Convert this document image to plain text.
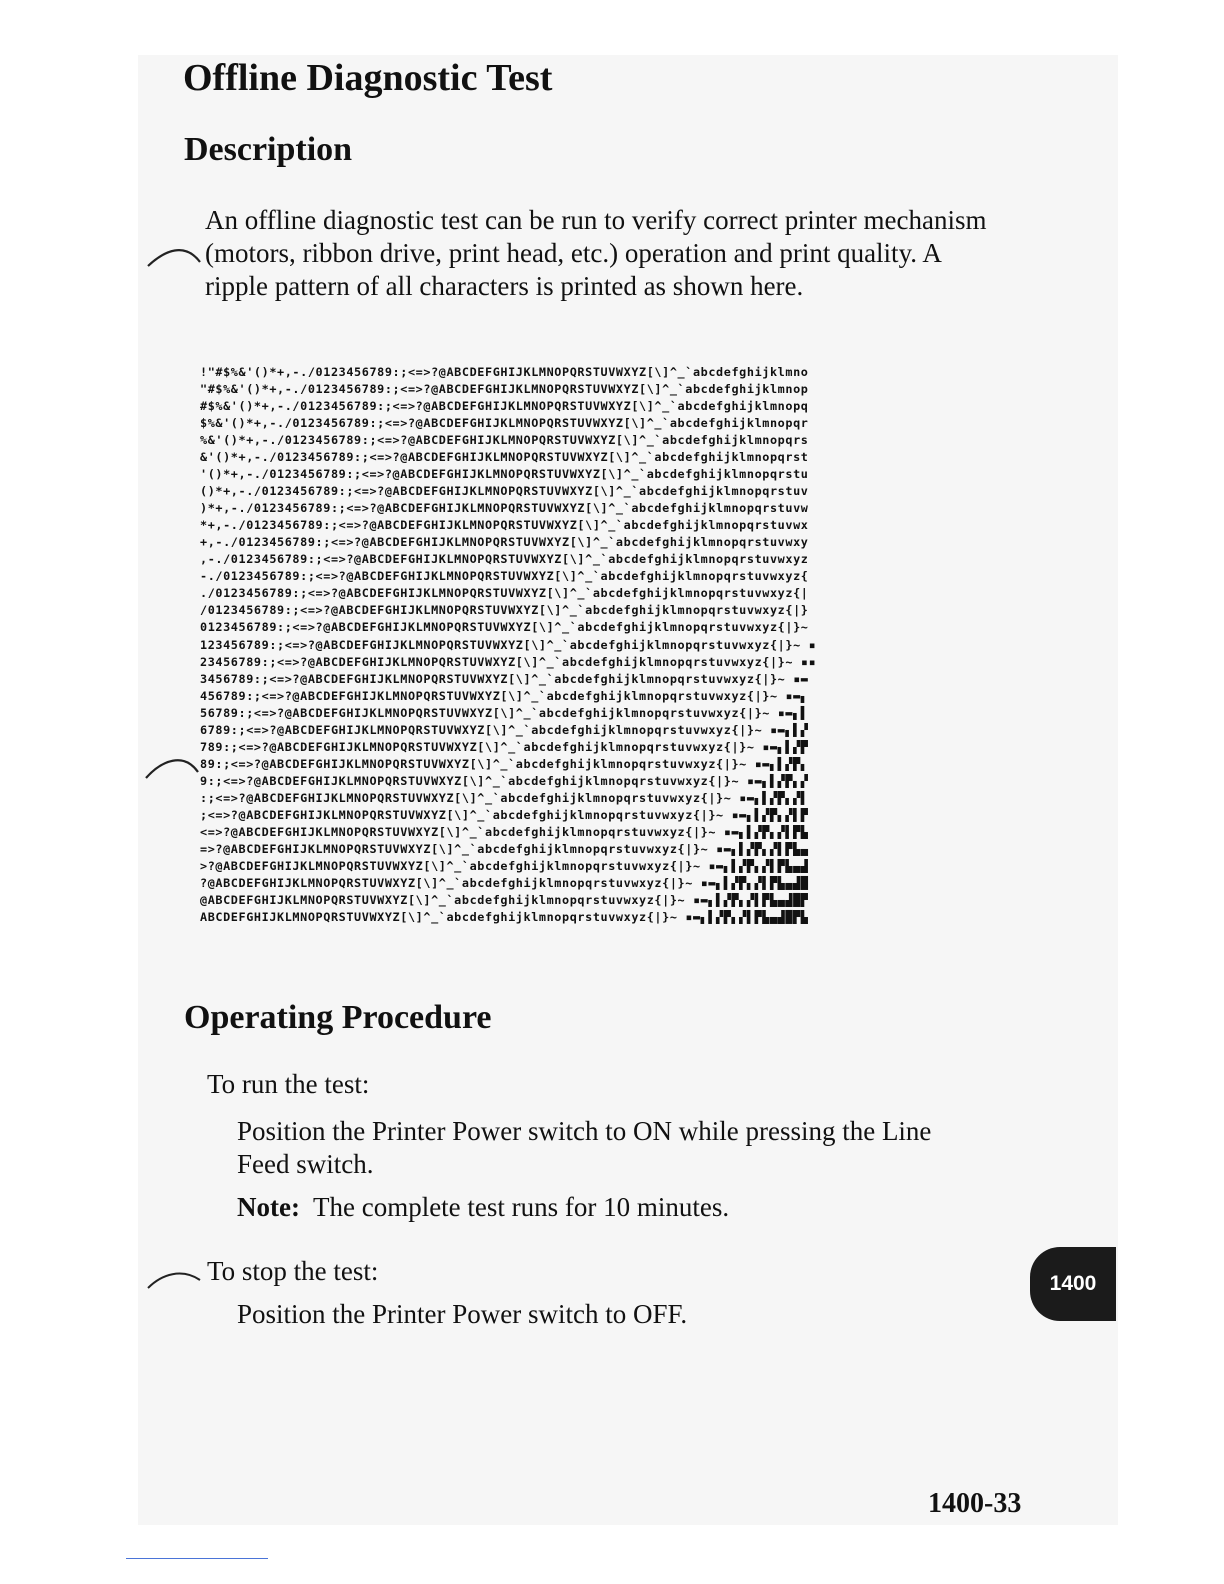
Offline Diagnostic Test
Description

An offline diagnostic test can be run to verify correct printer mechanism (motors, ribbon drive, print head, etc.) operation and print quality. A ripple pattern of all characters is printed as shown here.

!"#$%&'()*+,-./0123456789:;<=>?@ABCDEFGHIJKLMNOPQRSTUVWXYZ[\]^_`abcdefghijklmno
"#$%&'()*+,-./0123456789:;<=>?@ABCDEFGHIJKLMNOPQRSTUVWXYZ[\]^_`abcdefghijklmnop
#$%&'()*+,-./0123456789:;<=>?@ABCDEFGHIJKLMNOPQRSTUVWXYZ[\]^_`abcdefghijklmnopq
$%&'()*+,-./0123456789:;<=>?@ABCDEFGHIJKLMNOPQRSTUVWXYZ[\]^_`abcdefghijklmnopqr
%&'()*+,-./0123456789:;<=>?@ABCDEFGHIJKLMNOPQRSTUVWXYZ[\]^_`abcdefghijklmnopqrs
&'()*+,-./0123456789:;<=>?@ABCDEFGHIJKLMNOPQRSTUVWXYZ[\]^_`abcdefghijklmnopqrst
'()*+,-./0123456789:;<=>?@ABCDEFGHIJKLMNOPQRSTUVWXYZ[\]^_`abcdefghijklmnopqrstu
()*+,-./0123456789:;<=>?@ABCDEFGHIJKLMNOPQRSTUVWXYZ[\]^_`abcdefghijklmnopqrstuv
)*+,-./0123456789:;<=>?@ABCDEFGHIJKLMNOPQRSTUVWXYZ[\]^_`abcdefghijklmnopqrstuvw
*+,-./0123456789:;<=>?@ABCDEFGHIJKLMNOPQRSTUVWXYZ[\]^_`abcdefghijklmnopqrstuvwx
+,-./0123456789:;<=>?@ABCDEFGHIJKLMNOPQRSTUVWXYZ[\]^_`abcdefghijklmnopqrstuvwxy
,-./0123456789:;<=>?@ABCDEFGHIJKLMNOPQRSTUVWXYZ[\]^_`abcdefghijklmnopqrstuvwxyz
-./0123456789:;<=>?@ABCDEFGHIJKLMNOPQRSTUVWXYZ[\]^_`abcdefghijklmnopqrstuvwxyz{
./0123456789:;<=>?@ABCDEFGHIJKLMNOPQRSTUVWXYZ[\]^_`abcdefghijklmnopqrstuvwxyz{|
/0123456789:;<=>?@ABCDEFGHIJKLMNOPQRSTUVWXYZ[\]^_`abcdefghijklmnopqrstuvwxyz{|}
0123456789:;<=>?@ABCDEFGHIJKLMNOPQRSTUVWXYZ[\]^_`abcdefghijklmnopqrstuvwxyz{|}~
123456789:;<=>?@ABCDEFGHIJKLMNOPQRSTUVWXYZ[\]^_`abcdefghijklmnopqrstuvwxyz{|}~ ▪
23456789:;<=>?@ABCDEFGHIJKLMNOPQRSTUVWXYZ[\]^_`abcdefghijklmnopqrstuvwxyz{|}~ ▪▪
3456789:;<=>?@ABCDEFGHIJKLMNOPQRSTUVWXYZ[\]^_`abcdefghijklmnopqrstuvwxyz{|}~ ▪▬
456789:;<=>?@ABCDEFGHIJKLMNOPQRSTUVWXYZ[\]^_`abcdefghijklmnopqrstuvwxyz{|}~ ▪▬▖
56789:;<=>?@ABCDEFGHIJKLMNOPQRSTUVWXYZ[\]^_`abcdefghijklmnopqrstuvwxyz{|}~ ▪▬▖▌
6789:;<=>?@ABCDEFGHIJKLMNOPQRSTUVWXYZ[\]^_`abcdefghijklmnopqrstuvwxyz{|}~ ▪▬▖▌▞
789:;<=>?@ABCDEFGHIJKLMNOPQRSTUVWXYZ[\]^_`abcdefghijklmnopqrstuvwxyz{|}~ ▪▬▖▌▞▛
89:;<=>?@ABCDEFGHIJKLMNOPQRSTUVWXYZ[\]^_`abcdefghijklmnopqrstuvwxyz{|}~ ▪▬▖▌▞▛▖
9:;<=>?@ABCDEFGHIJKLMNOPQRSTUVWXYZ[\]^_`abcdefghijklmnopqrstuvwxyz{|}~ ▪▬▖▌▞▛▖▞
:;<=>?@ABCDEFGHIJKLMNOPQRSTUVWXYZ[\]^_`abcdefghijklmnopqrstuvwxyz{|}~ ▪▬▖▌▞▛▖▞▌
;<=>?@ABCDEFGHIJKLMNOPQRSTUVWXYZ[\]^_`abcdefghijklmnopqrstuvwxyz{|}~ ▪▬▖▌▞▛▖▞▌▛
<=>?@ABCDEFGHIJKLMNOPQRSTUVWXYZ[\]^_`abcdefghijklmnopqrstuvwxyz{|}~ ▪▬▖▌▞▛▖▞▌▛▙
=>?@ABCDEFGHIJKLMNOPQRSTUVWXYZ[\]^_`abcdefghijklmnopqrstuvwxyz{|}~ ▪▬▖▌▞▛▖▞▌▛▙▄
>?@ABCDEFGHIJKLMNOPQRSTUVWXYZ[\]^_`abcdefghijklmnopqrstuvwxyz{|}~ ▪▬▖▌▞▛▖▞▌▛▙▄▟
?@ABCDEFGHIJKLMNOPQRSTUVWXYZ[\]^_`abcdefghijklmnopqrstuvwxyz{|}~ ▪▬▖▌▞▛▖▞▌▛▙▄▟█
@ABCDEFGHIJKLMNOPQRSTUVWXYZ[\]^_`abcdefghijklmnopqrstuvwxyz{|}~ ▪▬▖▌▞▛▖▞▌▛▙▄▟█▛
ABCDEFGHIJKLMNOPQRSTUVWXYZ[\]^_`abcdefghijklmnopqrstuvwxyz{|}~ ▪▬▖▌▞▛▖▞▌▛▙▄▟█▛▙
Operating Procedure

To run the test:

Position the Printer Power switch to ON while pressing the Line Feed switch.

Note: The complete test runs for 10 minutes.

To stop the test:

Position the Printer Power switch to OFF.

1400

1400-33
